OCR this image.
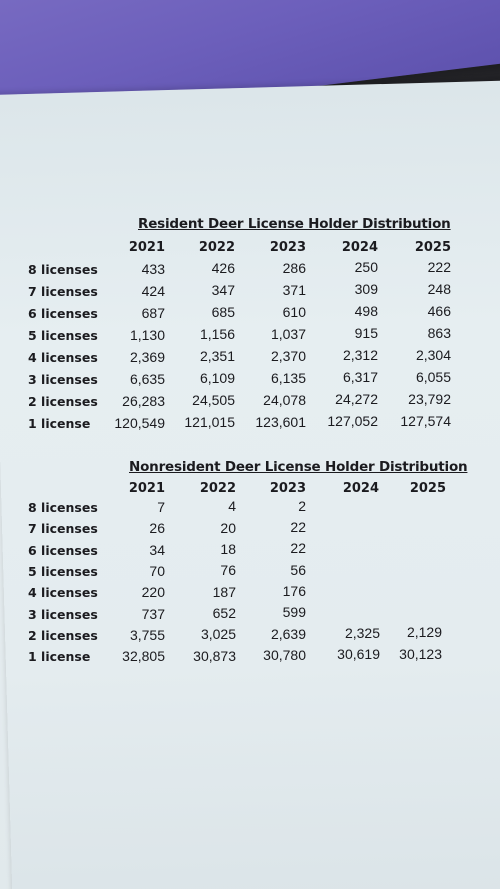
Resident Deer License Holder Distribution
2021	2022	2023	2024	2025
8 licenses	433	426	286	250	222
7 licenses	424	347	371	309	248
6 licenses	687	685	610	498	466
5 licenses	1,130	1,156	1,037	915	863
4 licenses	2,369	2,351	2,370	2,312	2,304
3 licenses	6,635	6,109	6,135	6,317	6,055
2 licenses	26,283	24,505	24,078	24,272	23,792
1 license	120,549	121,015	123,601	127,052	127,574
Nonresident Deer License Holder Distribution
2021	2022	2023	2024	2025
8 licenses	7	4	2
7 licenses	26	20	22
6 licenses	34	18	22
5 licenses	70	76	56
4 licenses	220	187	176
3 licenses	737	652	599
2 licenses	3,755	3,025	2,639	2,325	2,129
1 license	32,805	30,873	30,780	30,619	30,123
